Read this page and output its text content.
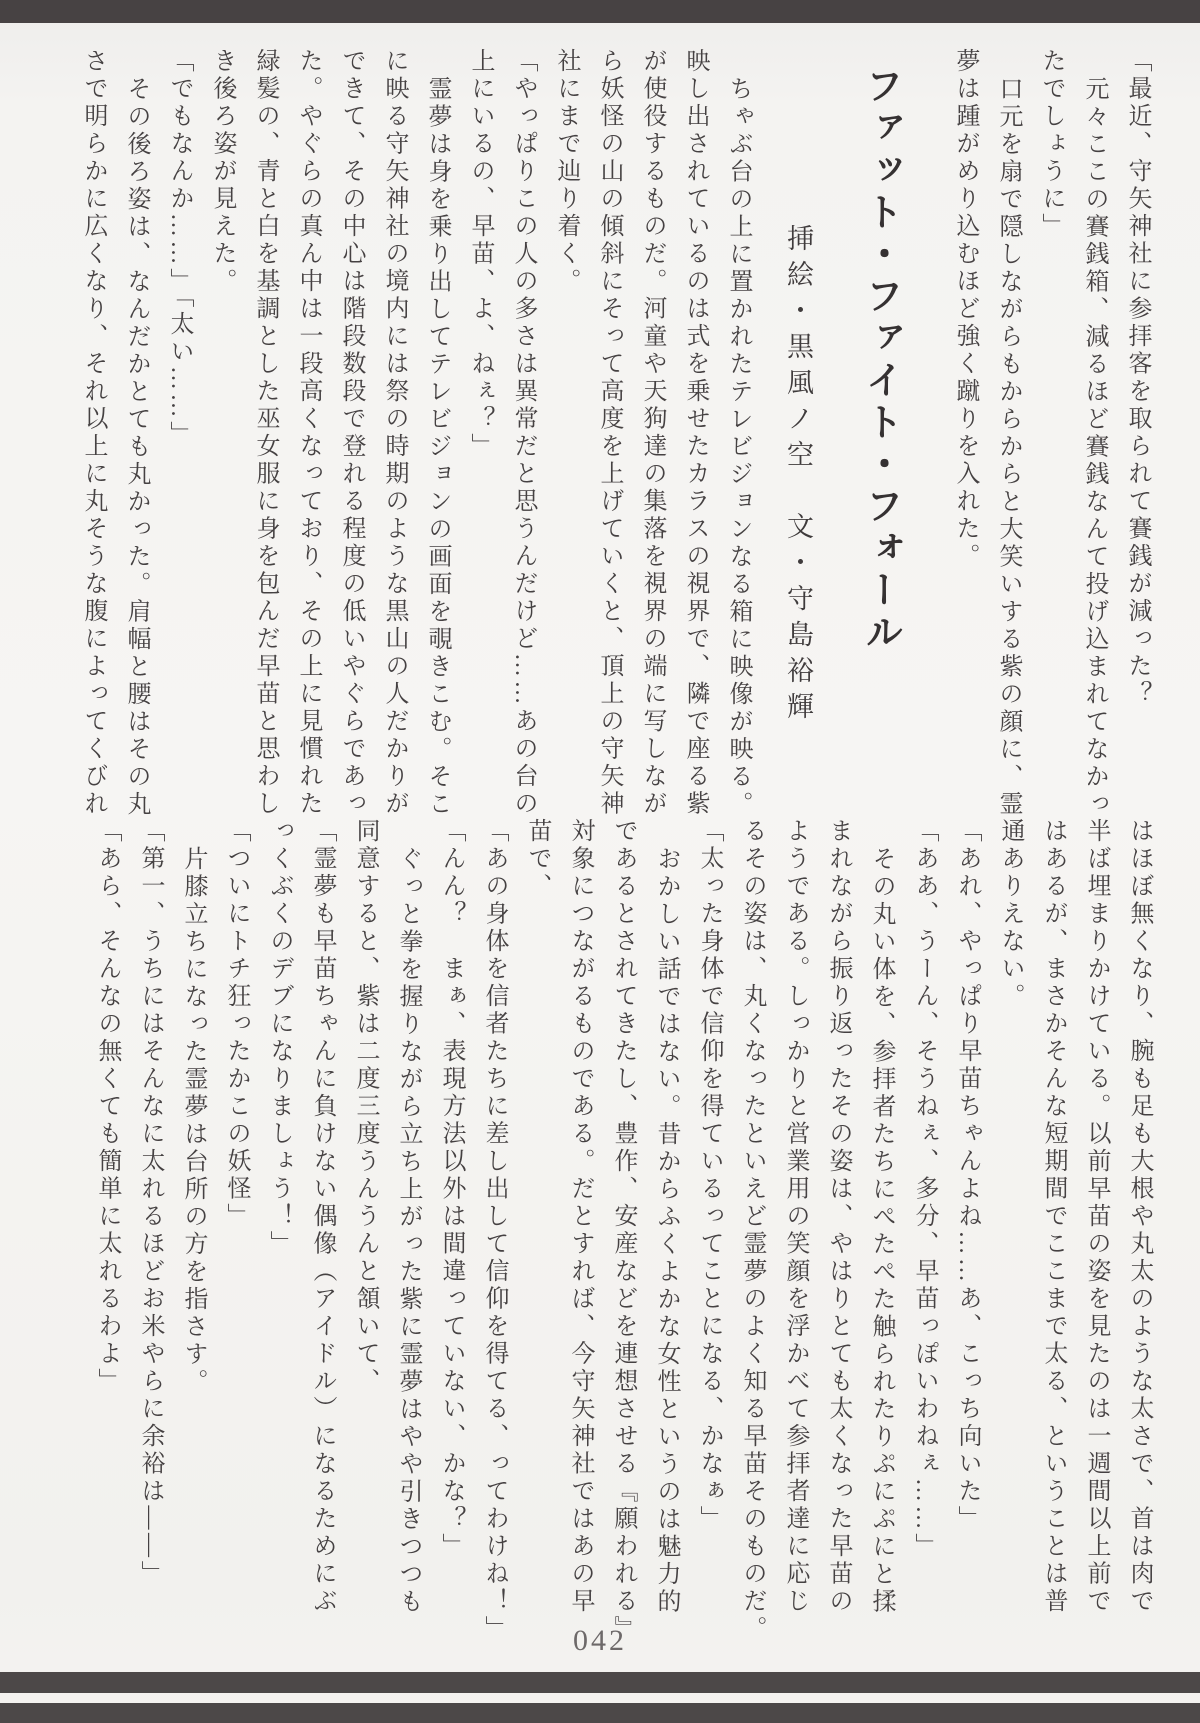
「最近、守矢神社に参拝客を取られて賽銭が減った？
元々ここの賽銭箱、減るほど賽銭なんて投げ込まれてなかっ
たでしょうに」
口元を扇で隠しながらもからからと大笑いする紫の顔に、霊
夢は踵がめり込むほど強く蹴りを入れた。
ファット・ファイト・フォール
挿絵・黒風ノ空　文・守島裕輝
ちゃぶ台の上に置かれたテレビジョンなる箱に映像が映る。
映し出されているのは式を乗せたカラスの視界で、隣で座る紫
が使役するものだ。河童や天狗達の集落を視界の端に写しなが
ら妖怪の山の傾斜にそって高度を上げていくと、頂上の守矢神
社にまで辿り着く。
「やっぱりこの人の多さは異常だと思うんだけど……あの台の
上にいるの、早苗、よ、ねぇ？」
霊夢は身を乗り出してテレビジョンの画面を覗きこむ。そこ
に映る守矢神社の境内には祭の時期のような黒山の人だかりが
できて、その中心は階段数段で登れる程度の低いやぐらであっ
た。やぐらの真ん中は一段高くなっており、その上に見慣れた
緑髪の、青と白を基調とした巫女服に身を包んだ早苗と思わし
き後ろ姿が見えた。
「でもなんか……」「太い……」
その後ろ姿は、なんだかとても丸かった。肩幅と腰はその丸
さで明らかに広くなり、それ以上に丸そうな腹によってくびれ
はほぼ無くなり、腕も足も大根や丸太のような太さで、首は肉で
半ば埋まりかけている。以前早苗の姿を見たのは一週間以上前で
はあるが、まさかそんな短期間でここまで太る、ということは普
通ありえない。
「あれ、やっぱり早苗ちゃんよね……あ、こっち向いた」
「ああ、うーん、そうねぇ、多分、早苗っぽいわねぇ……」
その丸い体を、参拝者たちにぺたぺた触られたりぷにぷにと揉
まれながら振り返ったその姿は、やはりとても太くなった早苗の
ようである。しっかりと営業用の笑顔を浮かべて参拝者達に応じ
るその姿は、丸くなったといえど霊夢のよく知る早苗そのものだ。
「太った身体で信仰を得ているってことになる、かなぁ」
おかしい話ではない。昔からふくよかな女性というのは魅力的
であるとされてきたし、豊作、安産などを連想させる『願われる』
対象につながるものである。だとすれば、今守矢神社ではあの早
苗で、
「あの身体を信者たちに差し出して信仰を得てる、ってわけね！」
「んん？　まぁ、表現方法以外は間違っていない、かな？」
ぐっと拳を握りながら立ち上がった紫に霊夢はやや引きつつも
同意すると、紫は二度三度うんうんと頷いて、
「霊夢も早苗ちゃんに負けない偶像（アイドル）になるためにぶ
っくぶくのデブになりましょう！」
「ついにトチ狂ったかこの妖怪」
片膝立ちになった霊夢は台所の方を指さす。
「第一、うちにはそんなに太れるほどお米やらに余裕は――」
「あら、そんなの無くても簡単に太れるわよ」
042
